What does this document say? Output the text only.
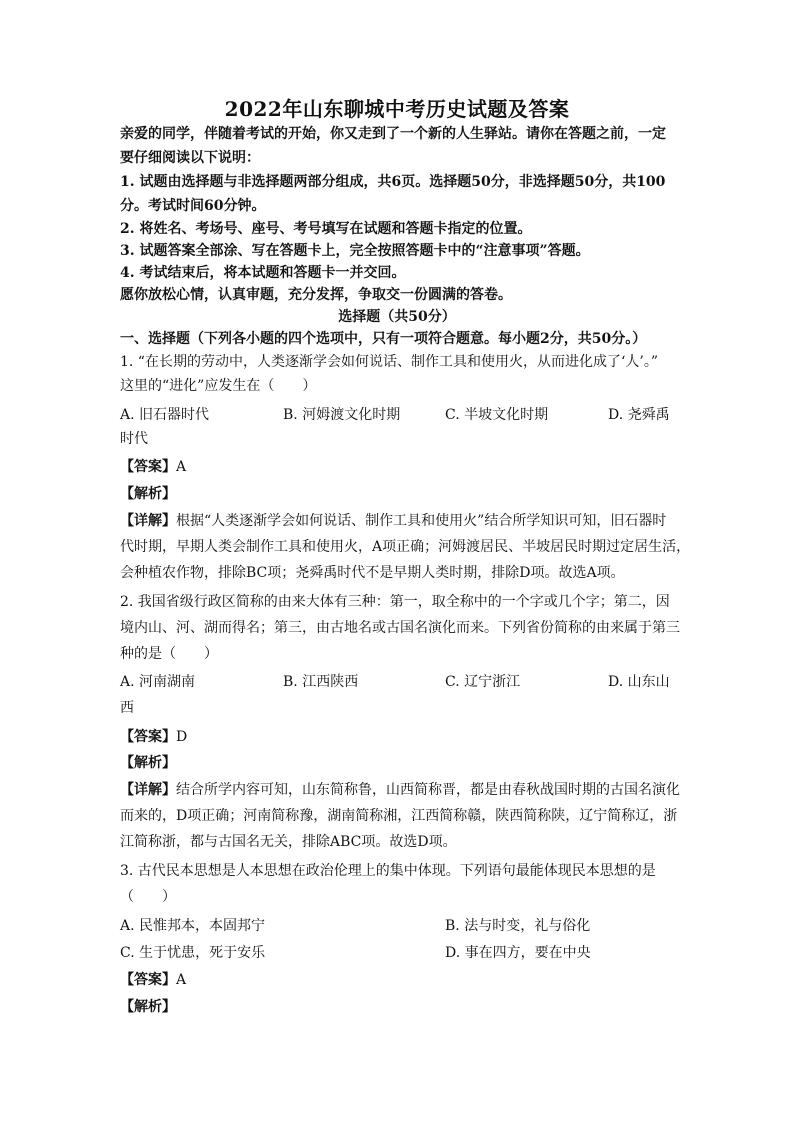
2022年山东聊城中考历史试题及答案
亲爱的同学，伴随着考试的开始，你又走到了一个新的人生驿站。请你在答题之前，一定
要仔细阅读以下说明：
1. 试题由选择题与非选择题两部分组成，共6页。选择题50分，非选择题50分，共100
分。考试时间60分钟。
2. 将姓名、考场号、座号、考号填写在试题和答题卡指定的位置。
3. 试题答案全部涂、写在答题卡上，完全按照答题卡中的“注意事项”答题。
4. 考试结束后，将本试题和答题卡一并交回。
愿你放松心情，认真审题，充分发挥，争取交一份圆满的答卷。
选择题（共50分）
一、选择题（下列各小题的四个选项中，只有一项符合题意。每小题2分，共50分。）
1. “在长期的劳动中，人类逐渐学会如何说话、制作工具和使用火，从而进化成了‘人’。”
这里的“进化”应发生在（　　）
A. 旧石器时代	B. 河姆渡文化时期	C. 半坡文化时期	D. 尧舜禹
时代
【答案】A
【解析】
【详解】根据“人类逐渐学会如何说话、制作工具和使用火”结合所学知识可知，旧石器时
代时期，早期人类会制作工具和使用火，A项正确；河姆渡居民、半坡居民时期过定居生活，
会种植农作物，排除BC项；尧舜禹时代不是早期人类时期，排除D项。故选A项。
2. 我国省级行政区简称的由来大体有三种：第一，取全称中的一个字或几个字；第二，因
境内山、河、湖而得名；第三，由古地名或古国名演化而来。下列省份简称的由来属于第三
种的是（　　）
A. 河南湖南	B. 江西陕西	C. 辽宁浙江	D. 山东山
西
【答案】D
【解析】
【详解】结合所学内容可知，山东简称鲁，山西简称晋，都是由春秋战国时期的古国名演化
而来的，D项正确；河南简称豫，湖南简称湘，江西简称赣，陕西简称陕，辽宁简称辽，浙
江简称浙，都与古国名无关，排除ABC项。故选D项。
3. 古代民本思想是人本思想在政治伦理上的集中体现。下列语句最能体现民本思想的是
（　　）
A. 民惟邦本，本固邦宁	B. 法与时变，礼与俗化
C. 生于忧患，死于安乐	D. 事在四方，要在中央
【答案】A
【解析】
